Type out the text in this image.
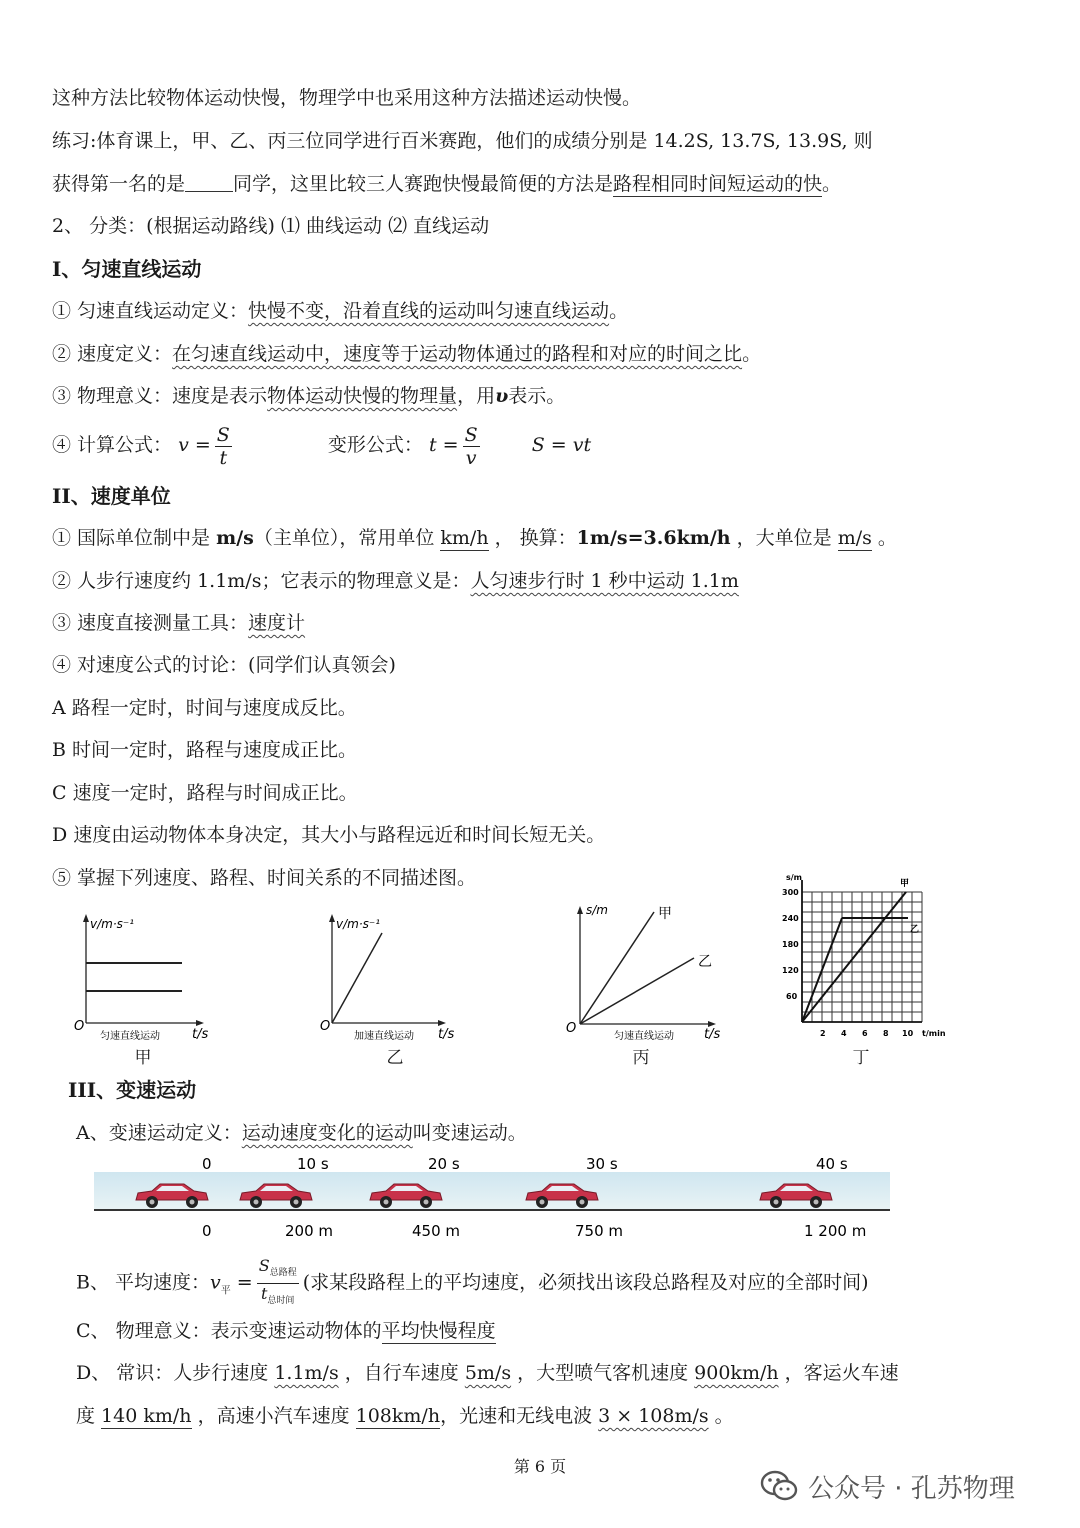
这种方法比较物体运动快慢，物理学中也采用这种方法描述运动快慢。
练习:体育课上，甲、乙、丙三位同学进行百米赛跑，他们的成绩分别是 14.2S, 13.7S, 13.9S, 则
获得第一名的是	同学，这里比较三人赛跑快慢最简便的方法是路程相同时间短运动的快。
2、 分类：(根据运动路线) ⑴ 曲线运动 ⑵ 直线运动
Ⅰ、匀速直线运动
① 匀速直线运动定义：快慢不变，沿着直线的运动叫匀速直线运动。
② 速度定义：在匀速直线运动中，速度等于运动物体通过的路程和对应的时间之比。
③ 物理意义：速度是表示物体运动快慢的物理量，用υ表示。
④ 计算公式： $v = \frac{S}{t}$	变形公式： $t = \frac{S}{v}$	S = vt
II、速度单位
① 国际单位制中是 m/s（主单位），常用单位 km/h ， 换算：1m/s=3.6km/h ，大单位是 m/s 。
② 人步行速度约 1.1m/s；它表示的物理意义是：人匀速步行时 1 秒中运动 1.1m
③ 速度直接测量工具：速度计
④ 对速度公式的讨论：(同学们认真领会)
A 路程一定时，时间与速度成反比。
B 时间一定时，路程与速度成正比。
C 速度一定时，路程与时间成正比。
D 速度由运动物体本身决定，其大小与路程远近和时间长短无关。
⑤ 掌握下列速度、路程、时间关系的不同描述图。
v/m·s⁻¹
t/s
O
匀速直线运动
甲
v/m·s⁻¹
t/s
O
加速直线运动
乙
s/m	甲
乙
t/s
O
匀速直线运动
丙
s/m
甲
乙
300
240
180
120
60
2 4 6 8 10 t/min
丁
III、变速运动
A、变速运动定义：运动速度变化的运动叫变速运动。
0	10 s	20 s	30 s	40 s
0	200 m	450 m	750 m	1 200 m
B、 平均速度：$v_平 = \frac{S_{总路程}}{t_{总时间}}$ (求某段路程上的平均速度，必须找出该段总路程及对应的全部时间)
C、 物理意义：表示变速运动物体的平均快慢程度
D、 常识：人步行速度 1.1m/s ，自行车速度 5m/s ，大型喷气客机速度 900km/h ，客运火车速
度 140 km/h ，高速小汽车速度 108km/h，光速和无线电波 3 × 108m/s 。
第 6 页
公众号 · 孔苏物理
